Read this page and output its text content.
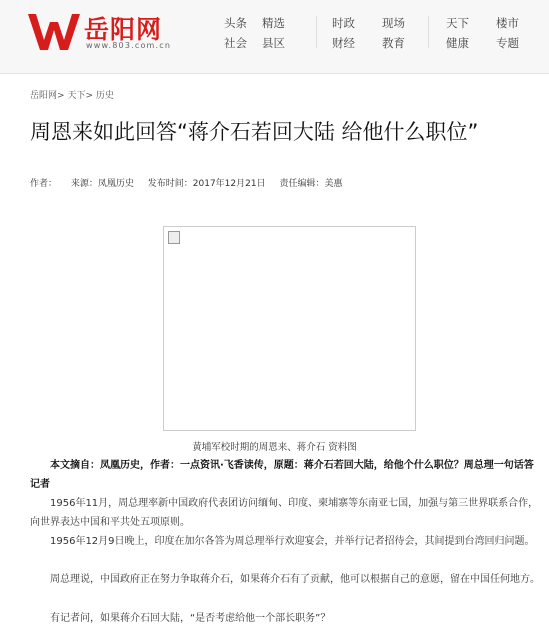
岳阳网
www.803.com.cn
头条 精选
社会 县区
时政 现场
财经 教育
天下 楼市
健康 专题
岳阳网> 天下> 历史
周恩来如此回答“蒋介石若回大陆 给他什么职位”
作者： 来源：凤凰历史 发布时间：2017年12月21日 责任编辑：美惠
黄埔军校时期的周恩来、蒋介石 资料图
本文摘自：凤凰历史，作者：一点资讯·飞香读传，原题：蒋介石若回大陆，给他个什么职位？周总理一句话答记者
1956年11月，周总理率新中国政府代表团访问缅甸、印度、柬埔寨等东南亚七国，加强与第三世界联系合作，向世界表达中国和平共处五项原则。
1956年12月9日晚上，印度在加尔各答为周总理举行欢迎宴会，并举行记者招待会，其间提到台湾回归问题。
周总理说，中国政府正在努力争取蒋介石，如果蒋介石有了贡献，他可以根据自己的意愿，留在中国任何地方。
有记者问，如果蒋介石回大陆，“是否考虑给他一个部长职务”？
